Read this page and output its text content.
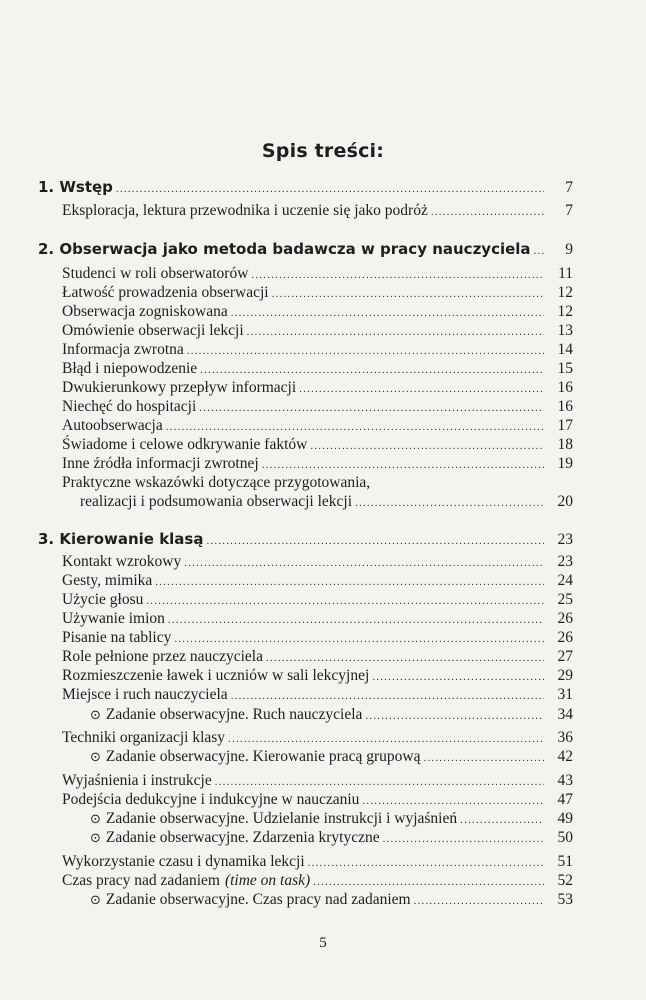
Spis treści:
1. Wstęp .....	7
Eksploracja, lektura przewodnika i uczenie się jako podróż .....	7
2. Obserwacja jako metoda badawcza w pracy nauczyciela .....	9
Studenci w roli obserwatorów .....	11
Łatwość prowadzenia obserwacji .....	12
Obserwacja zogniskowana .....	12
Omówienie obserwacji lekcji .....	13
Informacja zwrotna .....	14
Błąd i niepowodzenie .....	15
Dwukierunkowy przepływ informacji .....	16
Niechęć do hospitacji .....	16
Autoobserwacja .....	17
Świadome i celowe odkrywanie faktów .....	18
Inne źródła informacji zwrotnej .....	19
Praktyczne wskazówki dotyczące przygotowania,
realizacji i podsumowania obserwacji lekcji .....	20
3. Kierowanie klasą .....	23
Kontakt wzrokowy .....	23
Gesty, mimika .....	24
Użycie głosu .....	25
Używanie imion .....	26
Pisanie na tablicy .....	26
Role pełnione przez nauczyciela .....	27
Rozmieszczenie ławek i uczniów w sali lekcyjnej .....	29
Miejsce i ruch nauczyciela .....	31
⊙ Zadanie obserwacyjne. Ruch nauczyciela .....	34
Techniki organizacji klasy .....	36
⊙ Zadanie obserwacyjne. Kierowanie pracą grupową .....	42
Wyjaśnienia i instrukcje .....	43
Podejścia dedukcyjne i indukcyjne w nauczaniu .....	47
⊙ Zadanie obserwacyjne. Udzielanie instrukcji i wyjaśnień .....	49
⊙ Zadanie obserwacyjne. Zdarzenia krytyczne .....	50
Wykorzystanie czasu i dynamika lekcji .....	51
Czas pracy nad zadaniem (time on task) .....	52
⊙ Zadanie obserwacyjne. Czas pracy nad zadaniem .....	53
5
